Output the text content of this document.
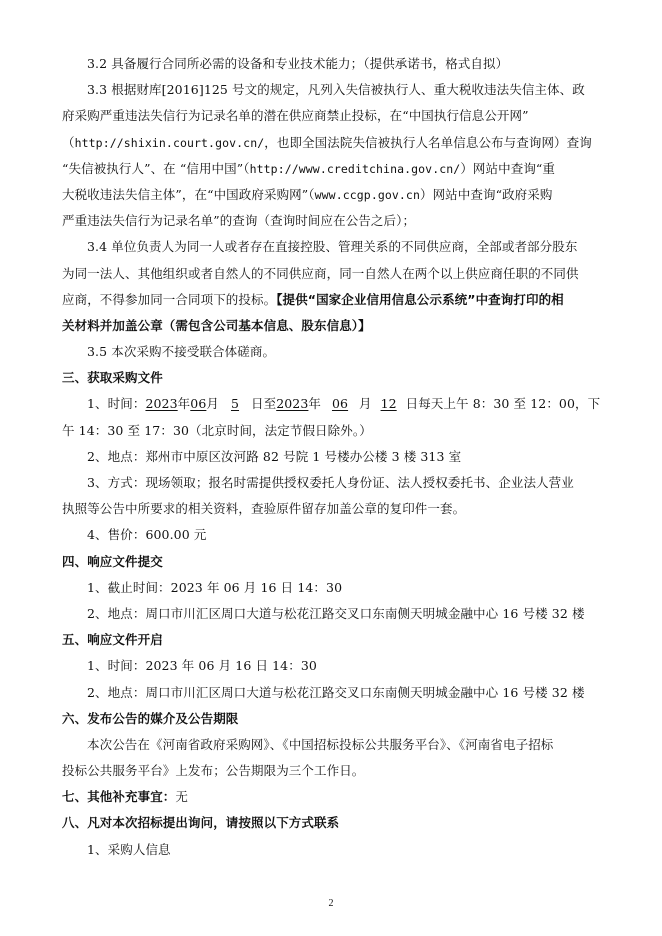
3.2 具备履行合同所必需的设备和专业技术能力；（提供承诺书，格式自拟）
3.3 根据财库[2016]125 号文的规定，凡列入失信被执行人、重大税收违法失信主体、政
府采购严重违法失信行为记录名单的潜在供应商禁止投标，在“中国执行信息公开网”
（http://shixin.court.gov.cn/，也即全国法院失信被执行人名单信息公布与查询网）查询
“失信被执行人”、在 “信用中国”（http://www.creditchina.gov.cn/）网站中查询“重
大税收违法失信主体”，在“中国政府采购网”（www.ccgp.gov.cn）网站中查询“政府采购
严重违法失信行为记录名单”的查询（查询时间应在公告之后）；
3.4 单位负责人为同一人或者存在直接控股、管理关系的不同供应商，全部或者部分股东
为同一法人、其他组织或者自然人的不同供应商，同一自然人在两个以上供应商任职的不同供
应商，不得参加同一合同项下的投标。【提供“国家企业信用信息公示系统”中查询打印的相
关材料并加盖公章（需包含公司基本信息、股东信息）】
3.5 本次采购不接受联合体磋商。
三、获取采购文件
1、时间：2023年06月 5 日至2023年 06 月 12 日每天上午 8：30 至 12：00，下
午 14：30 至 17：30（北京时间，法定节假日除外。）
2、地点：郑州市中原区汝河路 82 号院 1 号楼办公楼 3 楼 313 室
3、方式：现场领取；报名时需提供授权委托人身份证、法人授权委托书、企业法人营业
执照等公告中所要求的相关资料，查验原件留存加盖公章的复印件一套。
4、售价：600.00 元
四、响应文件提交
1、截止时间：2023 年 06 月 16 日 14：30
2、地点：周口市川汇区周口大道与松花江路交叉口东南侧天明城金融中心 16 号楼 32 楼
五、响应文件开启
1、时间：2023 年 06 月 16 日 14：30
2、地点：周口市川汇区周口大道与松花江路交叉口东南侧天明城金融中心 16 号楼 32 楼
六、发布公告的媒介及公告期限
本次公告在《河南省政府采购网》、《中国招标投标公共服务平台》、《河南省电子招标
投标公共服务平台》上发布；公告期限为三个工作日。
七、其他补充事宜：无
八、凡对本次招标提出询问，请按照以下方式联系
1、采购人信息
2
